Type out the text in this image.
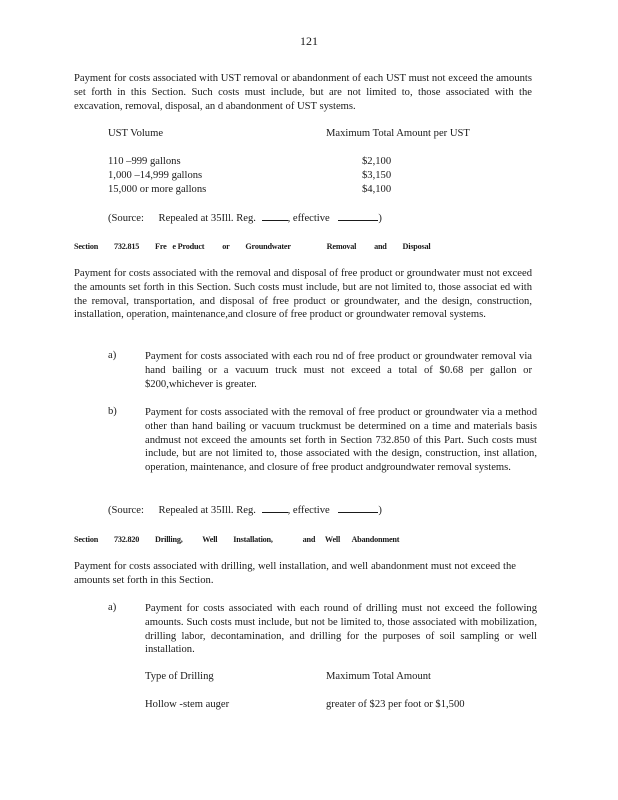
121
Payment for costs associated with UST removal or abandonment of each UST must not exceed the amounts set forth in this Section. Such costs must include, but are not limited to, those associated with the excavation, removal, disposal, an d abandonment of UST systems.
UST Volume	Maximum Total Amount per UST
110 –999 gallons	$2,100
1,000 –14,999 gallons	$3,150
15,000 or more gallons	$4,100
(Source: Repealed at 35Ill. Reg.	, effective	)
Section 732.815 Fre e Product or Groundwater	Removal and Disposal
Payment for costs associated with the removal and disposal of free product or groundwater must not exceed the amounts set forth in this Section. Such costs must include, but are not limited to, those associat ed with the removal, transportation, and disposal of free product or groundwater, and the design, construction, installation, operation, maintenance,and closure of free product or groundwater removal systems.
a)	Payment for costs associated with each rou nd of free product or groundwater removal via hand bailing or a vacuum truck must not exceed a total of $0.68 per gallon or $200,whichever is greater.
b)	Payment for costs associated with the removal of free product or groundwater via a method other than hand bailing or vacuum truckmust be determined on a time and materials basis andmust not exceed the amounts set forth in Section 732.850 of this Part. Such costs must include, but are not limited to, those associated with the design, construction, inst allation, operation, maintenance, and closure of free product andgroundwater removal systems.
(Source: Repealed at 35Ill. Reg.	, effective	)
Section 732.820 Drilling, Well Installation,	and Well Abandonment
Payment for costs associated with drilling, well installation, and well abandonment must not exceed the amounts set forth in this Section.
a)	Payment for costs associated with each round of drilling must not exceed the following amounts. Such costs must include, but not be limited to, those associated with mobilization, drilling labor, decontamination, and drilling for the purposes of soil sampling or well installation.
Type of Drilling	Maximum Total Amount
Hollow -stem auger	greater of $23 per foot or $1,500
